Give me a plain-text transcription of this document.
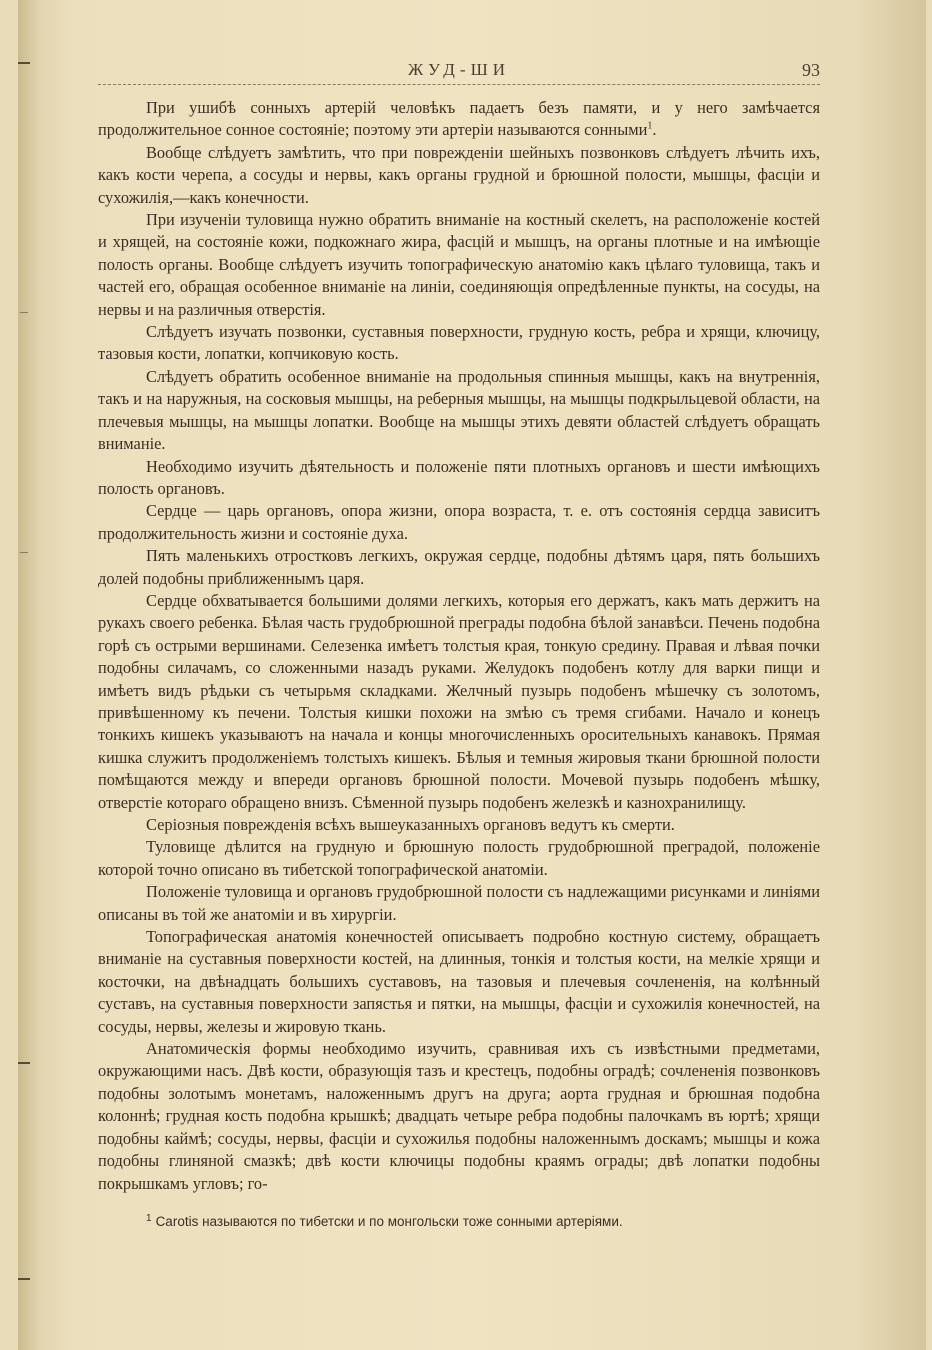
ЖУД-ШИ	93

При ушибѣ сонныхъ артерій человѣкъ падаетъ безъ памяти, и у него замѣчается продолжительное сонное состояніе; поэтому эти артеріи называются сонными$^1$.

Вообще слѣдуетъ замѣтить, что при поврежденіи шейныхъ позвонковъ слѣдуетъ лѣчить ихъ, какъ кости черепа, а сосуды и нервы, какъ органы грудной и брюшной полости, мышцы, фасціи и сухожилія,—какъ конечности.

При изученіи туловища нужно обратить вниманіе на костный скелетъ, на расположеніе костей и хрящей, на состояніе кожи, подкожнаго жира, фасцій и мышцъ, на органы плотные и на имѣющіе полость органы. Вообще слѣдуетъ изучить топографическую анатомію какъ цѣлаго туловища, такъ и частей его, обращая особенное вниманіе на линіи, соединяющія опредѣленные пункты, на сосуды, на нервы и на различныя отверстія.

Слѣдуетъ изучать позвонки, суставныя поверхности, грудную кость, ребра и хрящи, ключицу, тазовыя кости, лопатки, копчиковую кость.

Слѣдуетъ обратить особенное вниманіе на продольныя спинныя мышцы, какъ на внутреннія, такъ и на наружныя, на сосковыя мышцы, на реберныя мышцы, на мышцы подкрыльцевой области, на плечевыя мышцы, на мышцы лопатки. Вообще на мышцы этихъ девяти областей слѣдуетъ обращать вниманіе.

Необходимо изучить дѣятельность и положеніе пяти плотныхъ органовъ и шести имѣющихъ полость органовъ.

Сердце — царь органовъ, опора жизни, опора возраста, т. е. отъ состоянія сердца зависитъ продолжительность жизни и состояніе духа.

Пять маленькихъ отростковъ легкихъ, окружая сердце, подобны дѣтямъ царя, пять большихъ долей подобны приближеннымъ царя.

Сердце обхватывается большими долями легкихъ, которыя его держатъ, какъ мать держитъ на рукахъ своего ребенка. Бѣлая часть грудобрюшной преграды подобна бѣлой занавѣси. Печень подобна горѣ съ острыми вершинами. Селезенка имѣетъ толстыя края, тонкую средину. Правая и лѣвая почки подобны силачамъ, со сложенными назадъ руками. Желудокъ подобенъ котлу для варки пищи и имѣетъ видъ рѣдьки съ четырьмя складками. Желчный пузырь подобенъ мѣшечку съ золотомъ, привѣшенному къ печени. Толстыя кишки похожи на змѣю съ тремя сгибами. Начало и конецъ тонкихъ кишекъ указываютъ на начала и концы многочисленныхъ оросительныхъ канавокъ. Прямая кишка служитъ продолженіемъ толстыхъ кишекъ. Бѣлыя и темныя жировыя ткани брюшной полости помѣщаются между и впереди органовъ брюшной полости. Мочевой пузырь подобенъ мѣшку, отверстіе котораго обращено внизъ. Сѣменной пузырь подобенъ железкѣ и казнохранилищу.

Серіозныя поврежденія всѣхъ вышеуказанныхъ органовъ ведутъ къ смерти.

Туловище дѣлится на грудную и брюшную полость грудобрюшной преградой, положеніе которой точно описано въ тибетской топографической анатоміи.

Положеніе туловища и органовъ грудобрюшной полости съ надлежащими рисунками и линіями описаны въ той же анатоміи и въ хирургіи.

Топографическая анатомія конечностей описываетъ подробно костную систему, обращаетъ вниманіе на суставныя поверхности костей, на длинныя, тонкія и толстыя кости, на мелкіе хрящи и косточки, на двѣнадцать большихъ суставовъ, на тазовыя и плечевыя сочлененія, на колѣнный суставъ, на суставныя поверхности запястья и пятки, на мышцы, фасціи и сухожилія конечностей, на сосуды, нервы, железы и жировую ткань.

Анатомическія формы необходимо изучить, сравнивая ихъ съ извѣстными предметами, окружающими насъ. Двѣ кости, образующія тазъ и крестецъ, подобны оградѣ; сочлененія позвонковъ подобны золотымъ монетамъ, наложеннымъ другъ на друга; аорта грудная и брюшная подобна колоннѣ; грудная кость подобна крышкѣ; двадцать четыре ребра подобны палочкамъ въ юртѣ; хрящи подобны каймѣ; сосуды, нервы, фасціи и сухожилья подобны наложеннымъ доскамъ; мышцы и кожа подобны глиняной смазкѣ; двѣ кости ключицы подобны краямъ ограды; двѣ лопатки подобны покрышкамъ угловъ; го-

$^1$ Carotis называются по тибетски и по монгольски тоже сонными артеріями.
